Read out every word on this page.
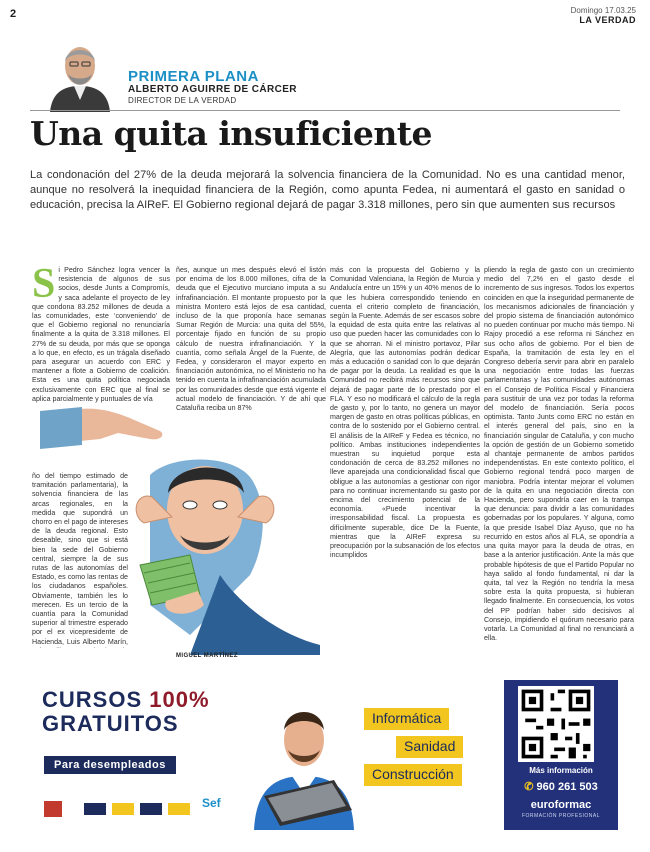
2	Domingo 17.03.25
LA VERDAD
PRIMERA PLANA
ALBERTO AGUIRRE DE CÁRCER
DIRECTOR DE LA VERDAD
Una quita insuficiente

La condonación del 27% de la deuda mejorará la solvencia financiera de la Comunidad. No es una cantidad menor, aunque no resolverá la inequidad financiera de la Región, como apunta Fedea, ni aumentará el gasto en sanidad o educación, precisa la AIReF. El Gobierno regional dejará de pagar 3.318 millones, pero sin que aumenten sus recursos

S i Pedro Sánchez logra vencer la resistencia de algunos de sus socios, desde Junts a Compromís, y saca adelante el proyecto de ley que condona 83.252 millones de deuda a las comunidades, este ‘conveniendo’ de que el Gobierno regional no renunciaría finalmente a la quita de 3.318 millones. El 27% de su deuda, por más que se oponga a lo que, en efecto, es un trágala diseñado para asegurar un acuerdo con ERC y mantener a flote a Gobierno de coalición. Esta es una quita política negociada exclusivamente con ERC que al final se aplica parcialmente y puntuales de vía
ñes, aunque un mes después elevó el listón por encima de los 8.000 millones, cifra de la deuda que el Ejecutivo murciano imputa a su infrafinanciación. El montante propuesto por la ministra Montero está lejos de esa cantidad, incluso de la que proponía hace semanas Sumar Región de Murcia: una quita del 55%, porcentaje fijado en función de su propio cálculo de nuestra infrafinanciación. Y la cuantía, como señala Ángel de la Fuente, de Fedea, y consideraron el mayor experto en financiación autonómica, no el Ministerio no ha tenido en cuenta la infrafinanciación acumulada por las comunidades desde que está vigente el actual modelo de financiación. Y de ahí que Cataluña reciba un 87%
ño del tiempo estimado de tramitación parlamentaria), la solvencia financiera de las arcas regionales, en la medida que supondrá un chorro en el pago de intereses de la deuda regional. Esto deseable, sino que si está bien la sede del Gobierno central, siempre la de sus rutas de las autonomías del Estado, es como las rentas de los ciudadanos españoles. Obviamente, también les lo merecen. Es un tercio de la cuantía para la Comunidad superior al trimestre esperado por el ex vicepresidente de Hacienda, Luis Alberto Marín,
más con la propuesta del Gobierno y la Comunidad Valenciana, la Región de Murcia y Andalucía entre un 15% y un 40% menos de lo que les hubiera correspondido teniendo en cuenta el criterio completo de financiación, según la Fuente. Además de ser escasos sobre la equidad de esta quita entre las relativas al uso que pueden hacer las comunidades con lo que se ahorran. Ni el ministro portavoz, Pilar Alegría, que las autonomías podrán dedicar más a educación o sanidad con lo que dejarán de pagar por la deuda. La realidad es que la Comunidad no recibirá más recursos sino que dejará de pagar parte de lo prestado por el FLA. Y eso no modificará el cálculo de la regla de gasto y, por lo tanto, no genera un mayor margen de gasto en otras políticas públicas, en contra de lo sostenido por el Gobierno central. El análisis de la AIReF y Fedea es técnico, no político. Ambas instituciones independientes muestran su inquietud porque esta condonación de cerca de 83.252 millones no lleve aparejada una condicionalidad fiscal que obligue a las autonomías a gestionar con rigor para no continuar incrementando su gasto por encima del crecimiento potencial de la economía. «Puede incentivar la irresponsabilidad fiscal. La propuesta es difícilmente superable, dice De la Fuente, mientras que la AIReF expresa su preocupación por la subsanación de los efectos incumplidos
pliendo la regla de gasto con un crecimiento medio del 7,2% en el gasto desde el incremento de sus ingresos. Todos los expertos coinciden en que la inseguridad permanente de los mecanismos adicionales de financiación y del propio sistema de financiación autonómico no pueden continuar por mucho más tiempo. Ni Rajoy procedió a ese reforma ni Sánchez en sus ocho años de gobierno. Por el bien de España, la tramitación de esta ley en el Congreso debería servir para abrir en paralelo una negociación entre todas las fuerzas parlamentarias y las comunidades autónomas en el Consejo de Política Fiscal y Financiera para sustituir de una vez por todas la reforma del modelo de financiación. Sería pocos optimista. Tanto Junts como ERC no están en el interés general del país, sino en la financiación singular de Cataluña, y con mucho la opción de gestión de un Gobierno sometido al chantaje permanente de ambos partidos independentistas. En este contexto político, el Gobierno regional tendrá poco margen de maniobra. Podría intentar mejorar el volumen de la quita en una negociación directa con Hacienda, pero supondría caer en la trampa que denuncia: para dividir a las comunidades gobernadas por los populares. Y alguna, como la que preside Isabel Díaz Ayuso, que no ha recurrido en estos años al FLA, se opondría a una quita mayor para la deuda de otras, en base a la anterior justificación. Ante la más que probable hipótesis de que el Partido Popular no haya salido al fondo fundamental, ni dar la quita, tal vez la Región no tendría la mesa sobre esta la quita propuesta, si hubieran llegado finalmente. En consecuencia, los votos del PP podrían haber sido decisivos al Consejo, impidiendo el quórum necesario para votarla. La Comunidad al final no renunciará a ella.
MIGUEL MARTÍNEZ
CURSOS 100%
GRATUITOS
Para desempleados
Sef
Informática
Sanidad
Construcción	Más información
✆ 960 261 503
euroformac
FORMACIÓN PROFESIONAL
